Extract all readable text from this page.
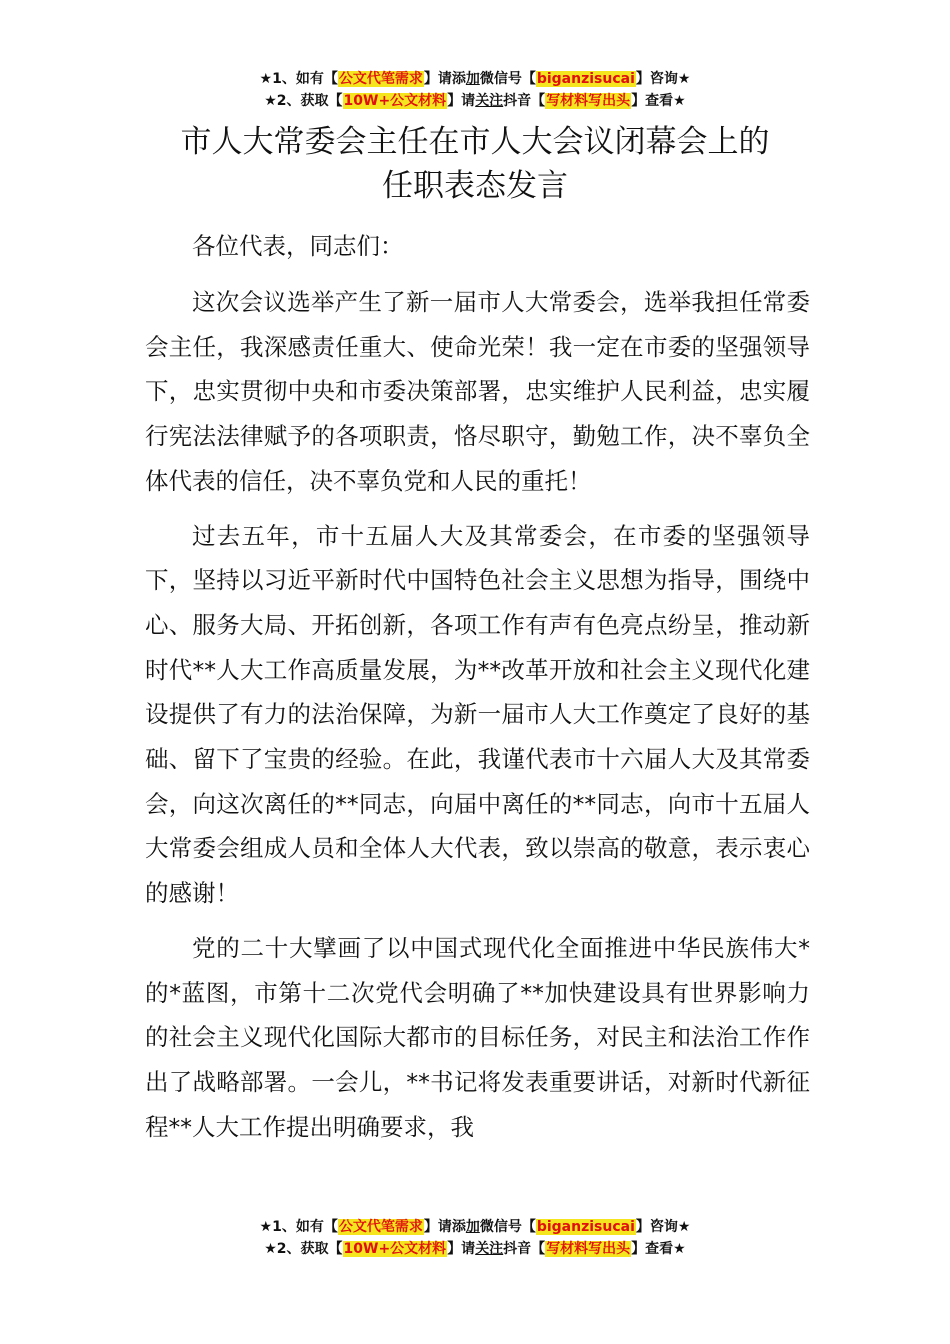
★1、如有【公文代笔需求】请添加微信号【biganzisucai】咨询★
★2、获取【10W+公文材料】请关注抖音【写材料写出头】查看★
市人大常委会主任在市人大会议闭幕会上的
任职表态发言
各位代表，同志们：
这次会议选举产生了新一届市人大常委会，选举我担任常委会主任，我深感责任重大、使命光荣！我一定在市委的坚强领导下，忠实贯彻中央和市委决策部署，忠实维护人民利益，忠实履行宪法法律赋予的各项职责，恪尽职守，勤勉工作，决不辜负全体代表的信任，决不辜负党和人民的重托！
过去五年，市十五届人大及其常委会，在市委的坚强领导下，坚持以习近平新时代中国特色社会主义思想为指导，围绕中心、服务大局、开拓创新，各项工作有声有色亮点纷呈，推动新时代**人大工作高质量发展，为**改革开放和社会主义现代化建设提供了有力的法治保障，为新一届市人大工作奠定了良好的基础、留下了宝贵的经验。在此，我谨代表市十六届人大及其常委会，向这次离任的**同志，向届中离任的**同志，向市十五届人大常委会组成人员和全体人大代表，致以崇高的敬意，表示衷心的感谢！
党的二十大擘画了以中国式现代化全面推进中华民族伟大*的*蓝图，市第十二次党代会明确了**加快建设具有世界影响力的社会主义现代化国际大都市的目标任务，对民主和法治工作作出了战略部署。一会儿，**书记将发表重要讲话，对新时代新征程**人大工作提出明确要求，我
★1、如有【公文代笔需求】请添加微信号【biganzisucai】咨询★
★2、获取【10W+公文材料】请关注抖音【写材料写出头】查看★
